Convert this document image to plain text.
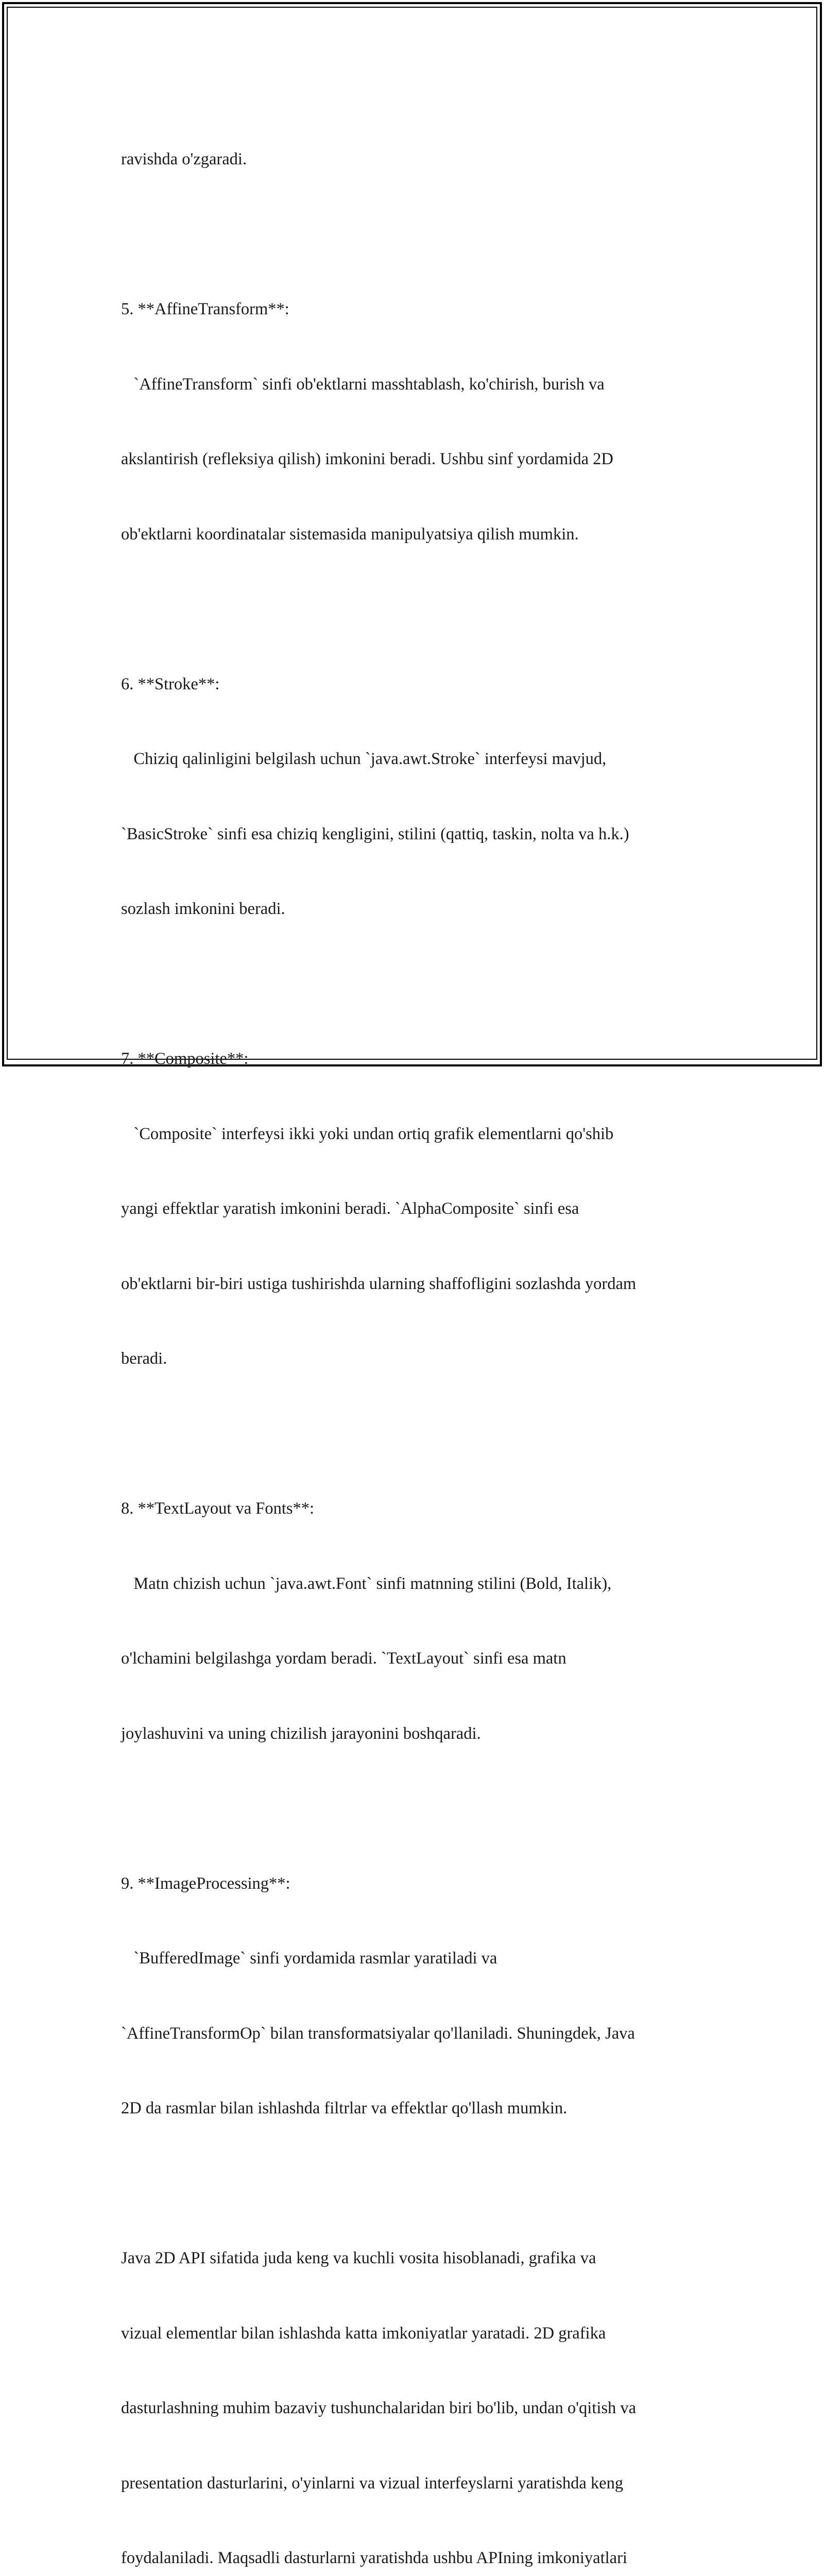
ravishda o'zgaradi.

5. **AffineTransform**:

`AffineTransform` sinfi ob'ektlarni masshtablash, ko'chirish, burish va

akslantirish (refleksiya qilish) imkonini beradi. Ushbu sinf yordamida 2D

ob'ektlarni koordinatalar sistemasida manipulyatsiya qilish mumkin.

6. **Stroke**:

Chiziq qalinligini belgilash uchun `java.awt.Stroke` interfeysi mavjud,

`BasicStroke` sinfi esa chiziq kengligini, stilini (qattiq, taskin, nolta va h.k.)

sozlash imkonini beradi.

7. **Composite**:

`Composite` interfeysi ikki yoki undan ortiq grafik elementlarni qo'shib

yangi effektlar yaratish imkonini beradi. `AlphaComposite` sinfi esa

ob'ektlarni bir-biri ustiga tushirishda ularning shaffofligini sozlashda yordam

beradi.

8. **TextLayout va Fonts**:

Matn chizish uchun `java.awt.Font` sinfi matnning stilini (Bold, Italik),

o'lchamini belgilashga yordam beradi. `TextLayout` sinfi esa matn

joylashuvini va uning chizilish jarayonini boshqaradi.

9. **ImageProcessing**:

`BufferedImage` sinfi yordamida rasmlar yaratiladi va

`AffineTransformOp` bilan transformatsiyalar qo'llaniladi. Shuningdek, Java

2D da rasmlar bilan ishlashda filtrlar va effektlar qo'llash mumkin.

Java 2D API sifatida juda keng va kuchli vosita hisoblanadi, grafika va

vizual elementlar bilan ishlashda katta imkoniyatlar yaratadi. 2D grafika

dasturlashning muhim bazaviy tushunchalaridan biri bo'lib, undan o'qitish va

presentation dasturlarini, o'yinlarni va vizual interfeyslarni yaratishda keng

foydalaniladi. Maqsadli dasturlarni yaratishda ushbu APIning imkoniyatlari
